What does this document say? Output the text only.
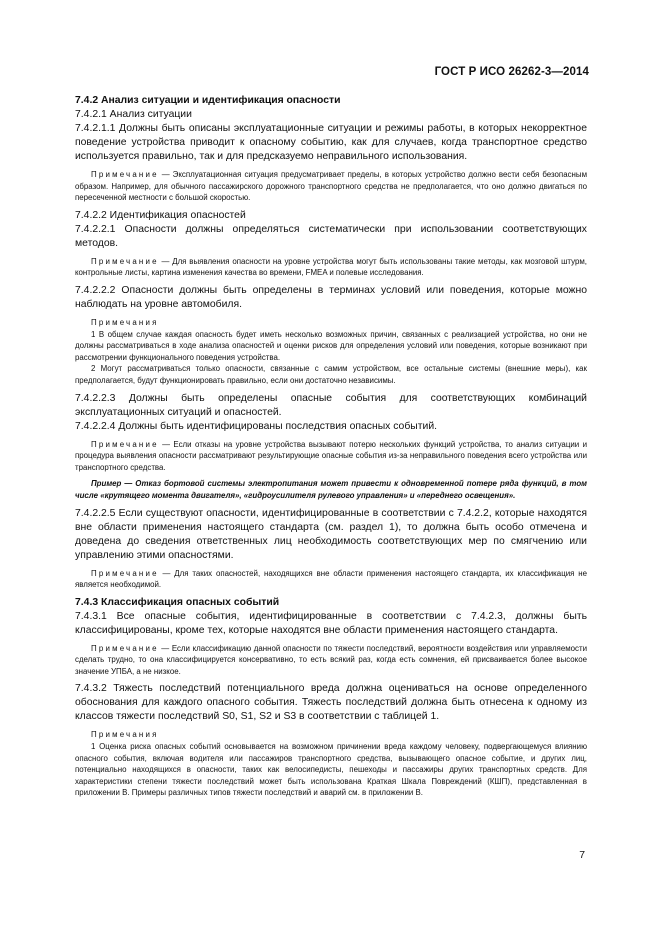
ГОСТ Р ИСО 26262-3—2014

7.4.2 Анализ ситуации и идентификация опасности

7.4.2.1 Анализ ситуации

7.4.2.1.1 Должны быть описаны эксплуатационные ситуации и режимы работы, в которых некорректное поведение устройства приводит к опасному событию, как для случаев, когда транспортное средство используется правильно, так и для предсказуемо неправильного использования.

Примечание — Эксплуатационная ситуация предусматривает пределы, в которых устройство должно вести себя безопасным образом. Например, для обычного пассажирского дорожного транспортного средства не предполагается, что оно должно двигаться по пересеченной местности с большой скоростью.

7.4.2.2 Идентификация опасностей

7.4.2.2.1 Опасности должны определяться систематически при использовании соответствующих методов.

Примечание — Для выявления опасности на уровне устройства могут быть использованы такие методы, как мозговой штурм, контрольные листы, картина изменения качества во времени, FMEA и полевые исследования.

7.4.2.2.2 Опасности должны быть определены в терминах условий или поведения, которые можно наблюдать на уровне автомобиля.

Примечания

1 В общем случае каждая опасность будет иметь несколько возможных причин, связанных с реализацией устройства, но они не должны рассматриваться в ходе анализа опасностей и оценки рисков для определения условий или поведения, которые возникают при рассмотрении функционального поведения устройства.

2 Могут рассматриваться только опасности, связанные с самим устройством, все остальные системы (внешние меры), как предполагается, будут функционировать правильно, если они достаточно независимы.

7.4.2.2.3 Должны быть определены опасные события для соответствующих комбинаций эксплуатационных ситуаций и опасностей.

7.4.2.2.4 Должны быть идентифицированы последствия опасных событий.

Примечание — Если отказы на уровне устройства вызывают потерю нескольких функций устройства, то анализ ситуации и процедура выявления опасности рассматривают результирующие опасные события из-за неправильного поведения всего устройства или транспортного средства.

Пример — Отказ бортовой системы электропитания может привести к одновременной потере ряда функций, в том числе «крутящего момента двигателя», «гидроусилителя рулевого управления» и «переднего освещения».

7.4.2.2.5 Если существуют опасности, идентифицированные в соответствии с 7.4.2.2, которые находятся вне области применения настоящего стандарта (см. раздел 1), то должна быть особо отмечена и доведена до сведения ответственных лиц необходимость соответствующих мер по смягчению или управлению этими опасностями.

Примечание — Для таких опасностей, находящихся вне области применения настоящего стандарта, их классификация не является необходимой.

7.4.3 Классификация опасных событий

7.4.3.1 Все опасные события, идентифицированные в соответствии с 7.4.2.3, должны быть классифицированы, кроме тех, которые находятся вне области применения настоящего стандарта.

Примечание — Если классификацию данной опасности по тяжести последствий, вероятности воздействия или управляемости сделать трудно, то она классифицируется консервативно, то есть всякий раз, когда есть сомнения, ей присваивается более высокое значение УПБА, а не низкое.

7.4.3.2 Тяжесть последствий потенциального вреда должна оцениваться на основе определенного обоснования для каждого опасного события. Тяжесть последствий должна быть отнесена к одному из классов тяжести последствий S0, S1, S2 и S3 в соответствии с таблицей 1.

Примечания

1 Оценка риска опасных событий основывается на возможном причинении вреда каждому человеку, подвергающемуся влиянию опасного события, включая водителя или пассажиров транспортного средства, вызывающего опасное событие, и других лиц, потенциально находящихся в опасности, таких как велосипедисты, пешеходы и пассажиры других транспортных средств. Для характеристики степени тяжести последствий может быть использована Краткая Шкала Повреждений (КШП), представленная в приложении В. Примеры различных типов тяжести последствий и аварий см. в приложении В.

7
